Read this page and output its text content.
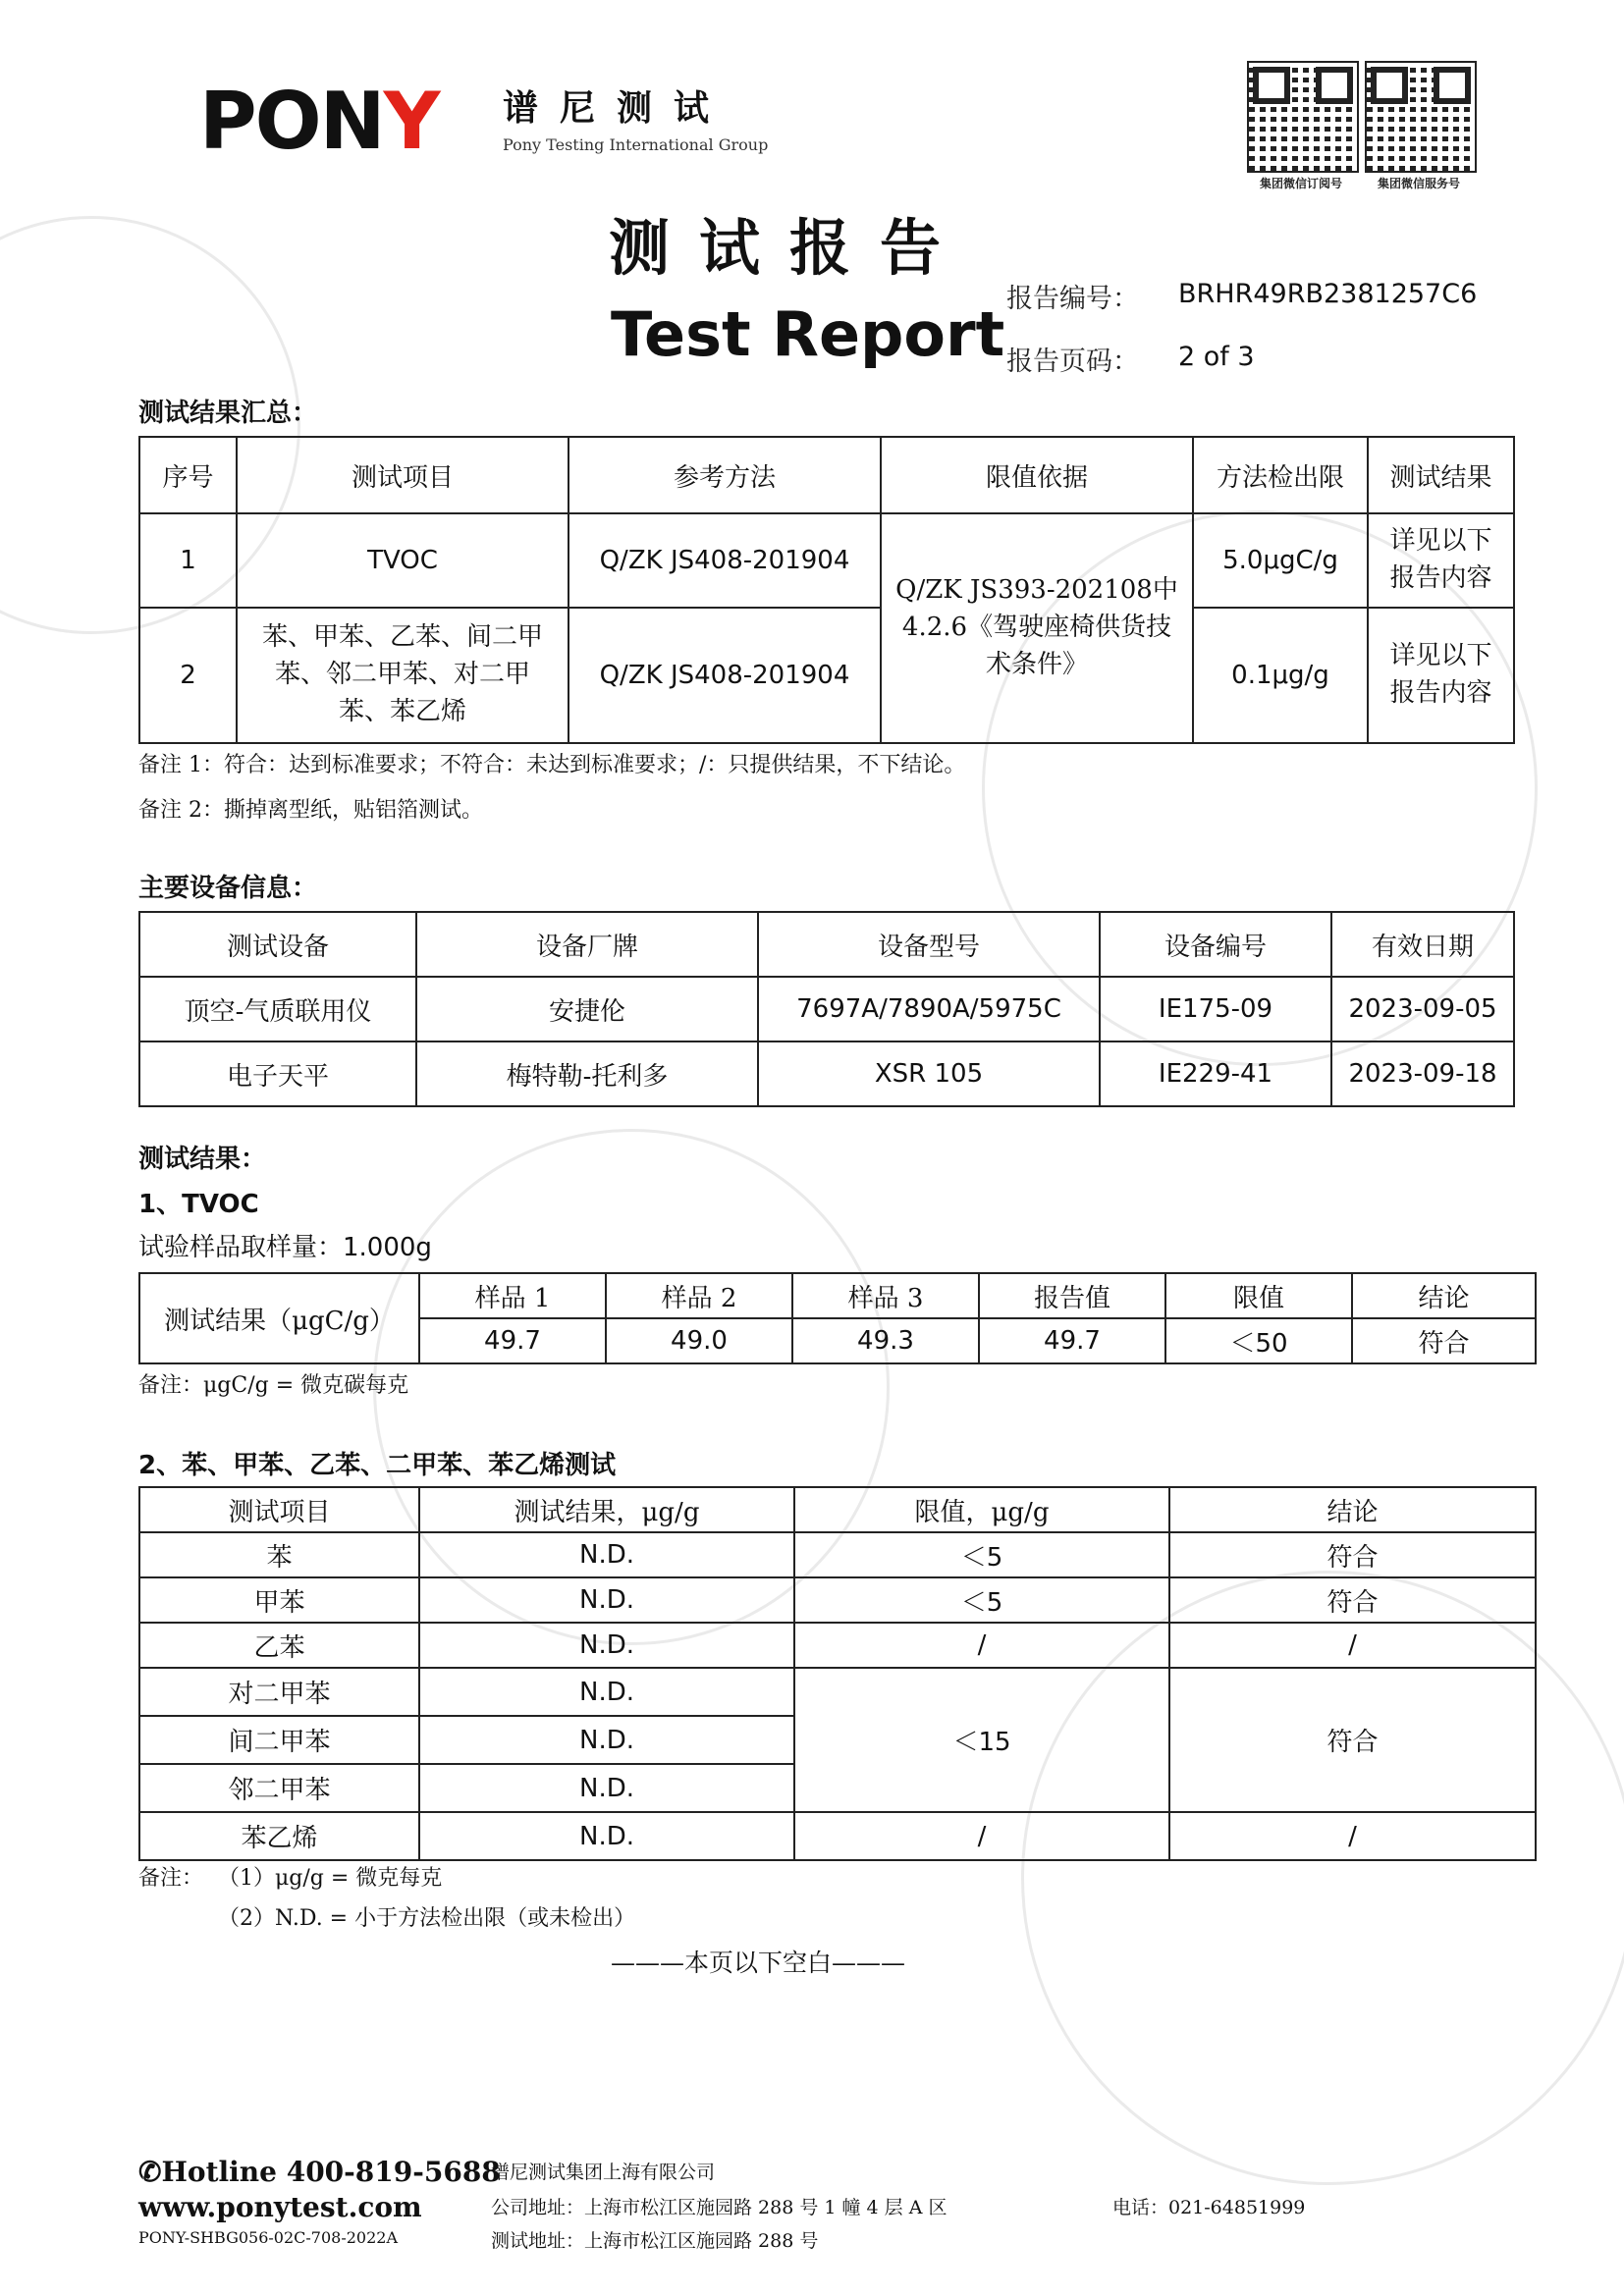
PONY 谱尼测试
Pony Testing International Group
集团微信订阅号	集团微信服务号
测试报告
Test Report 报告编号： BRHR49RB2381257C6
报告页码： 2 of 3
测试结果汇总：
序号	测试项目	参考方法	限值依据	方法检出限	测试结果
1	TVOC	Q/ZK JS408-201904	Q/ZK JS393-202108中 4.2.6《驾驶座椅供货技术条件》	5.0μgC/g	详见以下报告内容
2	苯、甲苯、乙苯、间二甲苯、邻二甲苯、对二甲苯、苯乙烯	Q/ZK JS408-201904		0.1μg/g	详见以下报告内容
备注 1：符合：达到标准要求；不符合：未达到标准要求；/：只提供结果，不下结论。
备注 2：撕掉离型纸，贴铝箔测试。
主要设备信息：
测试设备	设备厂牌	设备型号	设备编号	有效日期
顶空-气质联用仪	安捷伦	7697A/7890A/5975C	IE175-09	2023-09-05
电子天平	梅特勒-托利多	XSR 105	IE229-41	2023-09-18
测试结果：
1、TVOC
试验样品取样量：1.000g
测试结果（μgC/g）	样品 1	样品 2	样品 3	报告值	限值	结论
	49.7	49.0	49.3	49.7	＜50	符合
备注：μgC/g = 微克碳每克
2、苯、甲苯、乙苯、二甲苯、苯乙烯测试
测试项目	测试结果，μg/g	限值，μg/g	结论
苯	N.D.	＜5	符合
甲苯	N.D.	＜5	符合
乙苯	N.D.	/	/
对二甲苯	N.D.	＜15	符合
间二甲苯	N.D.		
邻二甲苯	N.D.		
苯乙烯	N.D.	/	/
备注： （1）μg/g = 微克每克
（2）N.D. = 小于方法检出限（或未检出）
———本页以下空白———
✆Hotline 400-819-5688
www.ponytest.com
PONY-SHBG056-02C-708-2022A
谱尼测试集团上海有限公司
公司地址：上海市松江区施园路 288 号 1 幢 4 层 A 区
测试地址：上海市松江区施园路 288 号
电话：021-64851999
